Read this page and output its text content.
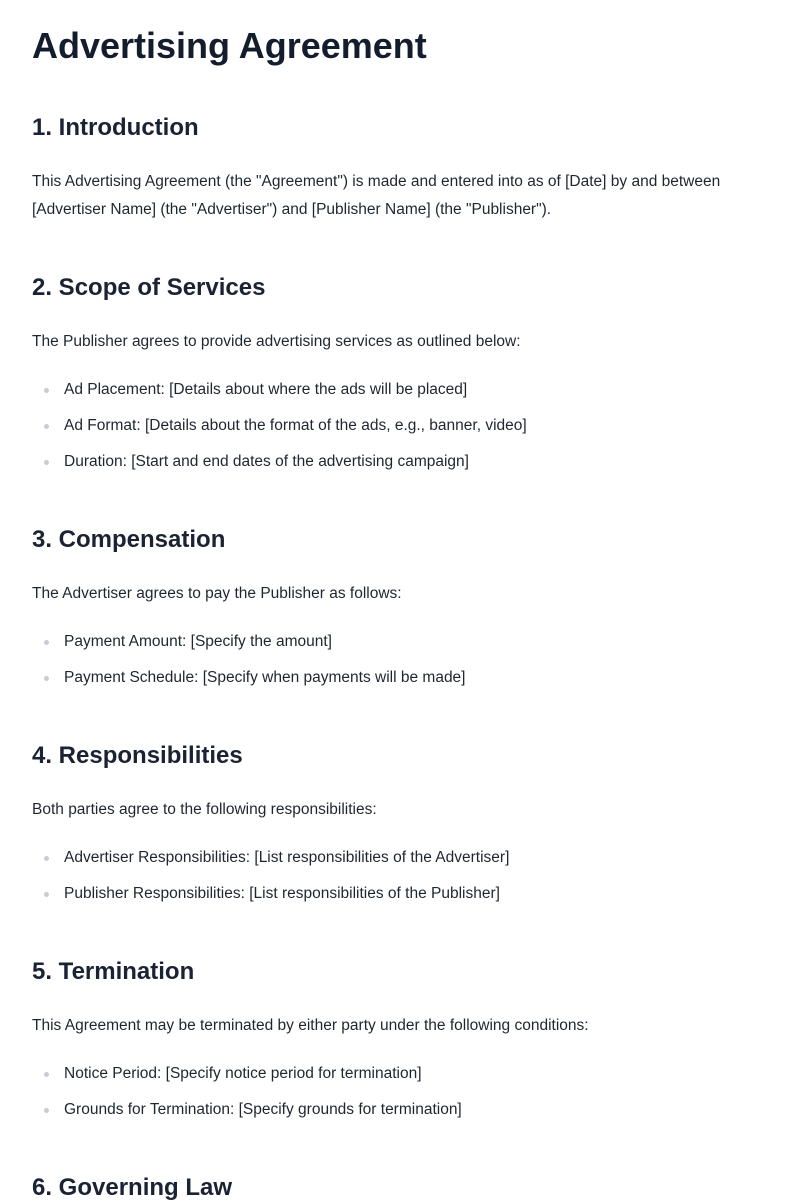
Advertising Agreement
1. Introduction

This Advertising Agreement (the "Agreement") is made and entered into as of [Date] by and between [Advertiser Name] (the "Advertiser") and [Publisher Name] (the "Publisher").

2. Scope of Services

The Publisher agrees to provide advertising services as outlined below:

Ad Placement: [Details about where the ads will be placed]
Ad Format: [Details about the format of the ads, e.g., banner, video]
Duration: [Start and end dates of the advertising campaign]
3. Compensation

The Advertiser agrees to pay the Publisher as follows:

Payment Amount: [Specify the amount]
Payment Schedule: [Specify when payments will be made]
4. Responsibilities

Both parties agree to the following responsibilities:

Advertiser Responsibilities: [List responsibilities of the Advertiser]
Publisher Responsibilities: [List responsibilities of the Publisher]
5. Termination

This Agreement may be terminated by either party under the following conditions:

Notice Period: [Specify notice period for termination]
Grounds for Termination: [Specify grounds for termination]
6. Governing Law
